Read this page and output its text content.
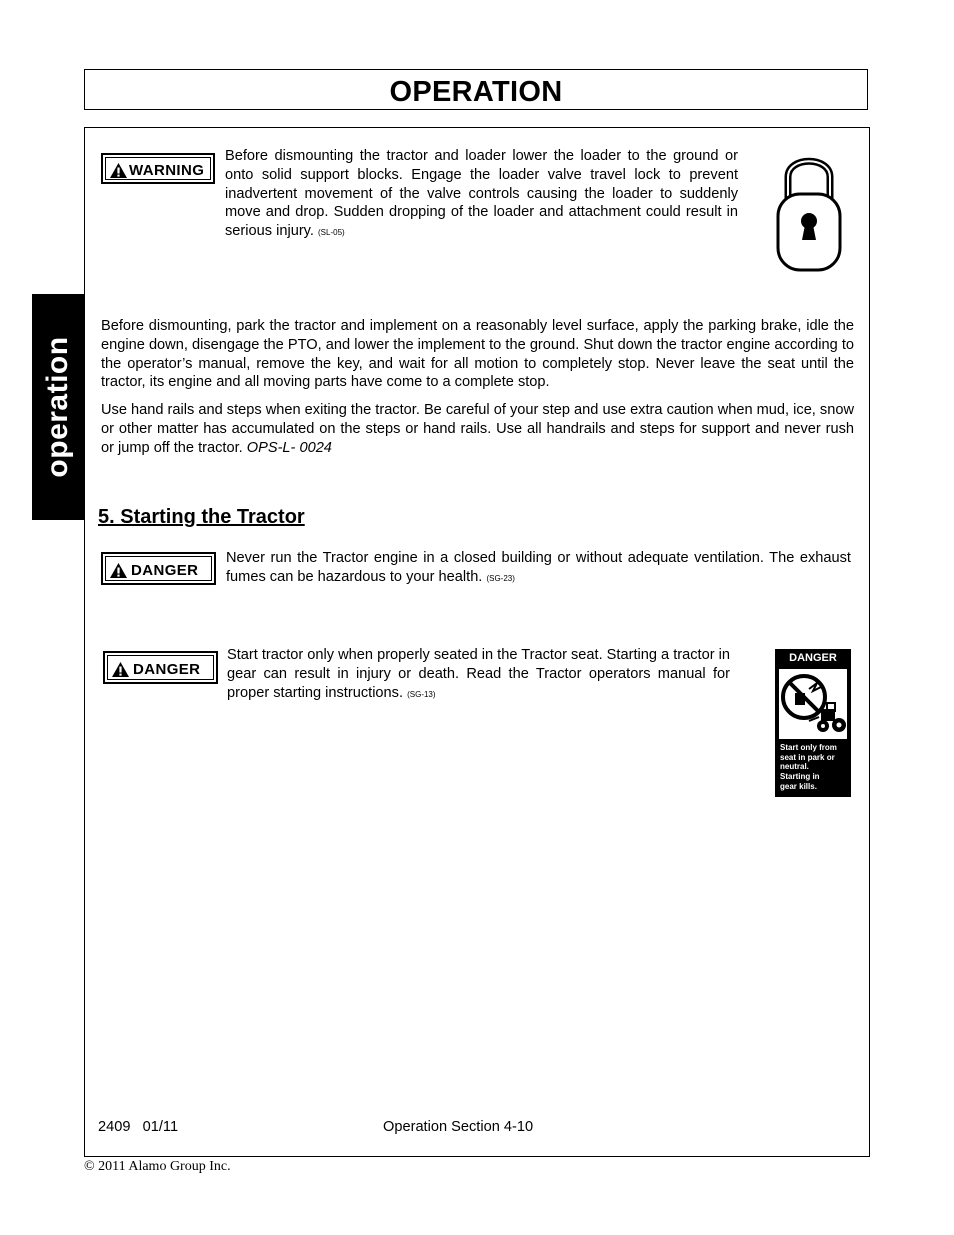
OPERATION
operation
WARNING
Before dismounting the tractor and loader lower the loader to the ground or onto solid support blocks. Engage the loader valve travel lock to prevent inadvertent movement of the valve controls causing the loader to suddenly move and drop. Sudden dropping of the loader and attachment could result in serious injury. (SL-05)
Before dismounting, park the tractor and implement on a reasonably level surface, apply the parking brake, idle the engine down, disengage the PTO, and lower the implement to the ground. Shut down the tractor engine according to the operator’s manual, remove the key, and wait for all motion to completely stop. Never leave the seat until the tractor, its engine and all moving parts have come to a complete stop.
Use hand rails and steps when exiting the tractor. Be careful of your step and use extra caution when mud, ice, snow or other matter has accumulated on the steps or hand rails. Use all handrails and steps for support and never rush or jump off the tractor. OPS-L- 0024
5. Starting the Tractor
DANGER
Never run the Tractor engine in a closed building or without adequate ventilation. The exhaust fumes can be hazardous to your health. (SG-23)
DANGER
Start tractor only when properly seated in the Tractor seat. Starting a tractor in gear can result in injury or death. Read the Tractor operators manual for proper starting instructions. (SG-13)
DANGER
Start only from
seat in park or
neutral.
Starting in
gear kills.
2409   01/11	Operation Section 4-10
© 2011 Alamo Group Inc.
